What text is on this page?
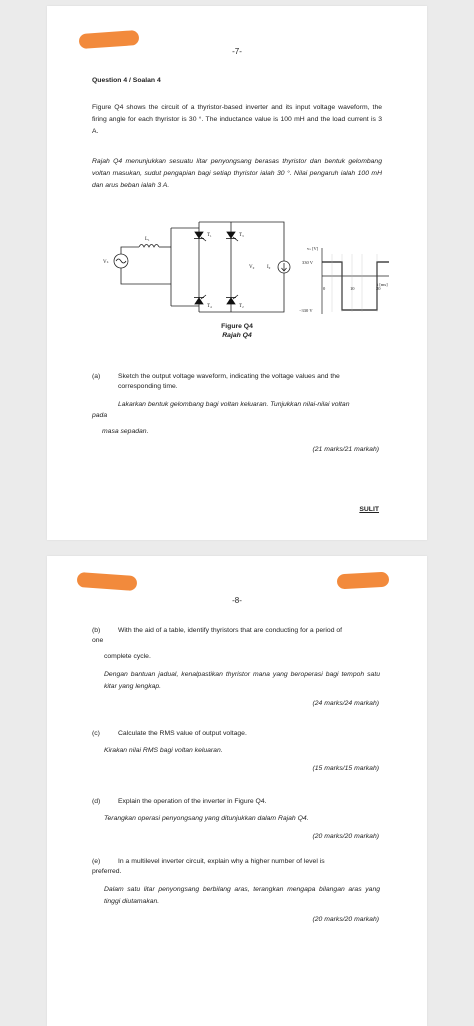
-7-
Question 4 / Soalan 4
Figure Q4 shows the circuit of a thyristor-based inverter and its input voltage waveform, the firing angle for each thyristor is 30 °. The inductance value is 100 mH and the load current is 3 A.
Rajah Q4 menunjukkan sesuatu litar penyongsang berasas thyristor dan bentuk gelombang voltan masukan, sudut pengapian bagi setiap thyristor ialah 30 °. Nilai pengaruh ialah 100 mH dan arus beban ialah 3 A.
T₁	T₃
T₂
T₄
L₁
Vₛ
V₀	I₀
vₛ [V]
t [ms]
330 V
−330 V
0	10	20
Figure Q4
Rajah Q4
(a)	Sketch the output voltage waveform, indicating the voltage values and the
corresponding time.
Lakarkan bentuk gelombang bagi voltan keluaran. Tunjukkan nilai-nilai voltan
pada
masa sepadan.
(21 marks/21 markah)
SULIT
-8-
(b)	With the aid of a table, identify thyristors that are conducting for a period of
one
complete cycle.
Dengan bantuan jadual, kenalpastikan thyristor mana yang beroperasi bagi tempoh satu kitar yang lengkap.
(24 marks/24 markah)
(c)	Calculate the RMS value of output voltage.
Kirakan nilai RMS bagi voltan keluaran.
(15 marks/15 markah)
(d)	Explain the operation of the inverter in Figure Q4.
Terangkan operasi penyongsang yang ditunjukkan dalam Rajah Q4.
(20 marks/20 markah)
(e)	In a multilevel inverter circuit, explain why a higher number of level is
preferred.
Dalam satu litar penyongsang berbilang aras, terangkan mengapa bilangan aras yang tinggi diutamakan.
(20 marks/20 markah)
